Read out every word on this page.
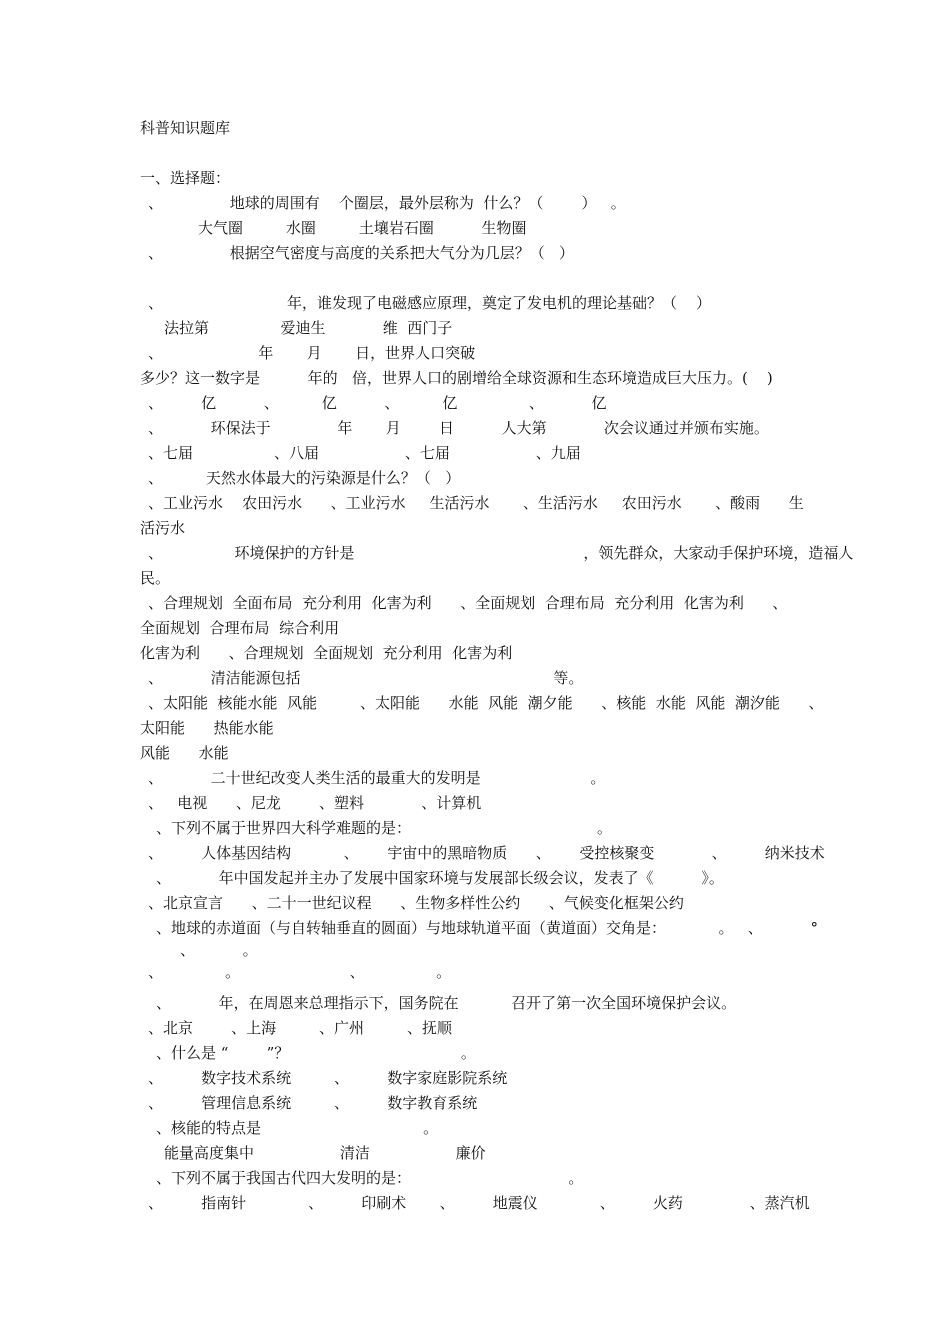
科普知识题库
一、选择题：
、              地球的周围有    个圈层，最外层称为  什么？（        ）   。
大气圈         水圈         土壤岩石圈          生物圈
、              根据空气密度与高度的关系把大气分为几层？（   ）
、                          年，谁发现了电磁感应原理，奠定了发电机的理论基础？（    ）
法拉第               爱迪生            维  西门子
、                    年       月       日，世界人口突破
多少？这一数字是          年的   倍，世界人口的剧增给全球资源和生态环境造成巨大压力。(    )
、        亿          、         亿          、         亿               、          亿
、          环保法于              年       月        日          人大第            次会议通过并颁布实施。
、七届                 、八届                  、七届                  、九届
、         天然水体最大的污染源是什么？（   ）
、工业污水    农田污水      、工业污水     生活污水       、生活污水     农田污水       、酸雨      生
活污水
、               环境保护的方针是                                                ，领先群众，大家动手保护环境，造福人
民。
、合理规划  全面布局  充分利用  化害为利      、全面规划  合理布局  充分利用  化害为利      、
全面规划  合理布局  综合利用
化害为利      、合理规划  全面规划  充分利用  化害为利
、          清洁能源包括                                                     等。
、太阳能  核能水能  风能         、太阳能      水能  风能  潮夕能      、核能  水能  风能  潮汐能      、
太阳能      热能水能
风能      水能
、          二十世纪改变人类生活的最重大的发明是                       。
、   电视      、尼龙        、塑料            、计算机
、下列不属于世界四大科学难题的是：                                       。
、        人体基因结构           、      宇宙中的黑暗物质      、      受控核聚变            、        纳米技术
、          年中国发起并主办了发展中国家环境与发展部长级会议，发表了《          》。
、北京宣言      、二十一世纪议程      、生物多样性公约      、气候变化框架公约
、地球的赤道面（与自转轴垂直的圆面）与地球轨道平面（黄道面）交角是：           。   、          °
、          。
、             。                       、               。
、          年，在周恩来总理指示下，国务院在           召开了第一次全国环境保护会议。
、北京        、上海         、广州         、抚顺
、什么是 “        ”？                                    。
、        数字技术系统         、        数字家庭影院系统
、        管理信息系统         、        数字教育系统
、核能的特点是                                  。
能量高度集中                  清洁                  廉价
、下列不属于我国古代四大发明的是：                                 。
、        指南针             、        印刷术       、        地震仪             、        火药              、蒸汽机
